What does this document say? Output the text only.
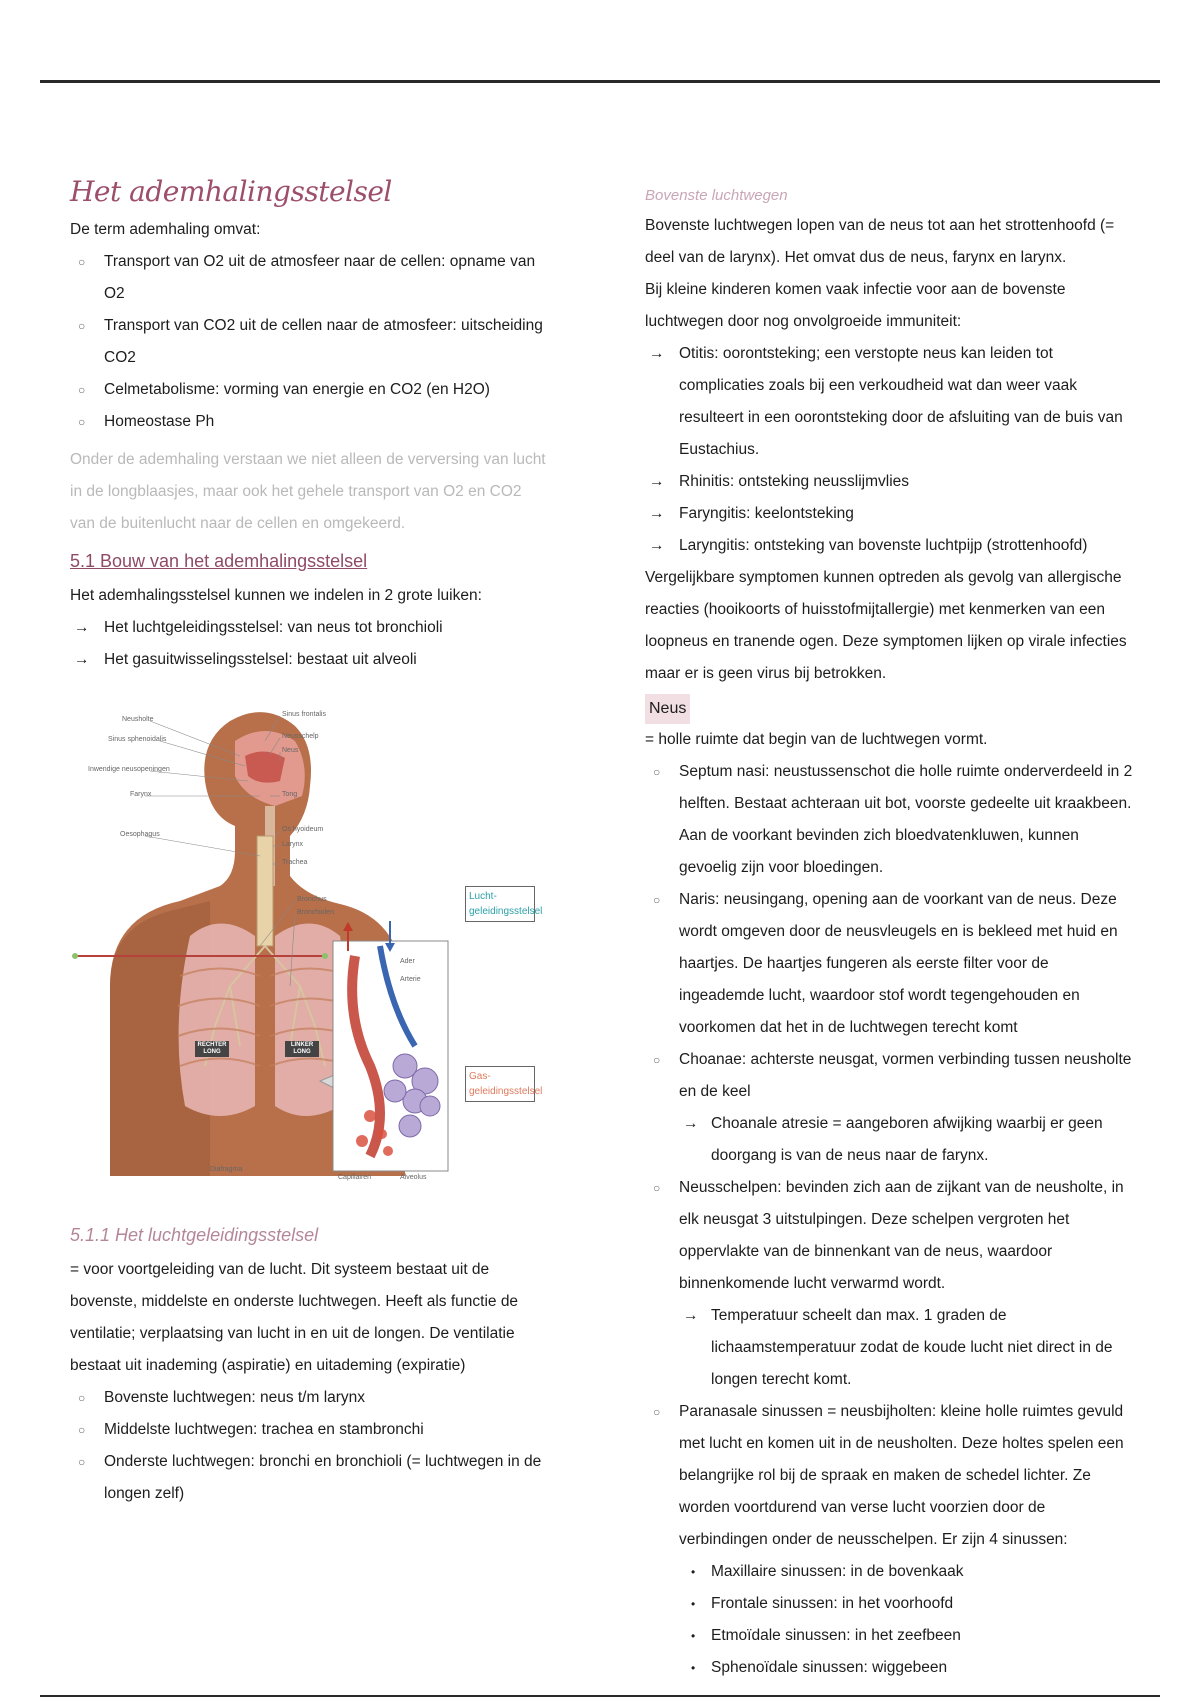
Het ademhalingsstelsel

De term ademhaling omvat:

○ Transport van O2 uit de atmosfeer naar de cellen: opname van O2
○ Transport van CO2 uit de cellen naar de atmosfeer: uitscheiding CO2
○ Celmetabolisme: vorming van energie en CO2 (en H2O)
○ Homeostase Ph

Onder de ademhaling verstaan we niet alleen de verversing van lucht in de longblaasjes, maar ook het gehele transport van O2 en CO2 van de buitenlucht naar de cellen en omgekeerd.

5.1 Bouw van het ademhalingsstelsel

Het ademhalingsstelsel kunnen we indelen in 2 grote luiken:

→ Het luchtgeleidingsstelsel: van neus tot bronchioli
→ Het gasuitwisselingsstelsel: bestaat uit alveoli
Neusholte
Sinus sphenoidalis
Inwendige neusopeningen
Farynx
Oesophagus
Sinus frontalis
Neusschelp
Neus
Tong
Os hyoideum
Larynx
Trachea
Bronchus
Bronchiolen
Diafragma
Ader
Arterie
Capillairen	Alveolus
RECHTER LONG
LINKER LONG
Lucht-geleidingsstelsel
Gas-geleidingsstelsel
5.1.1 Het luchtgeleidingsstelsel

= voor voortgeleiding van de lucht. Dit systeem bestaat uit de bovenste, middelste en onderste luchtwegen. Heeft als functie de ventilatie; verplaatsing van lucht in en uit de longen. De ventilatie bestaat uit inademing (aspiratie) en uitademing (expiratie)

○ Bovenste luchtwegen: neus t/m larynx
○ Middelste luchtwegen: trachea en stambronchi
○ Onderste luchtwegen: bronchi en bronchioli (= luchtwegen in de longen zelf)
Bovenste luchtwegen

Bovenste luchtwegen lopen van de neus tot aan het strottenhoofd (= deel van de larynx). Het omvat dus de neus, farynx en larynx.

Bij kleine kinderen komen vaak infectie voor aan de bovenste luchtwegen door nog onvolgroeide immuniteit:

→ Otitis: oorontsteking; een verstopte neus kan leiden tot complicaties zoals bij een verkoudheid wat dan weer vaak resulteert in een oorontsteking door de afsluiting van de buis van Eustachius.
→ Rhinitis: ontsteking neusslijmvlies
→ Faryngitis: keelontsteking
→ Laryngitis: ontsteking van bovenste luchtpijp (strottenhoofd)

Vergelijkbare symptomen kunnen optreden als gevolg van allergische reacties (hooikoorts of huisstofmijtallergie) met kenmerken van een loopneus en tranende ogen. Deze symptomen lijken op virale infecties maar er is geen virus bij betrokken.

Neus

= holle ruimte dat begin van de luchtwegen vormt.

○ Septum nasi: neustussenschot die holle ruimte onderverdeeld in 2 helften. Bestaat achteraan uit bot, voorste gedeelte uit kraakbeen. Aan de voorkant bevinden zich bloedvatenkluwen, kunnen gevoelig zijn voor bloedingen.
○ Naris: neusingang, opening aan de voorkant van de neus. Deze wordt omgeven door de neusvleugels en is bekleed met huid en haartjes. De haartjes fungeren als eerste filter voor de ingeademde lucht, waardoor stof wordt tegengehouden en voorkomen dat het in de luchtwegen terecht komt
○ Choanae: achterste neusgat, vormen verbinding tussen neusholte en de keel
→ Choanale atresie = aangeboren afwijking waarbij er geen doorgang is van de neus naar de farynx.
○ Neusschelpen: bevinden zich aan de zijkant van de neusholte, in elk neusgat 3 uitstulpingen. Deze schelpen vergroten het oppervlakte van de binnenkant van de neus, waardoor binnenkomende lucht verwarmd wordt.
→ Temperatuur scheelt dan max. 1 graden de lichaamstemperatuur zodat de koude lucht niet direct in de longen terecht komt.
○ Paranasale sinussen = neusbijholten: kleine holle ruimtes gevuld met lucht en komen uit in de neusholten. Deze holtes spelen een belangrijke rol bij de spraak en maken de schedel lichter. Ze worden voortdurend van verse lucht voorzien door de verbindingen onder de neusschelpen. Er zijn 4 sinussen:
• Maxillaire sinussen: in de bovenkaak
• Frontale sinussen: in het voorhoofd
• Etmoïdale sinussen: in het zeefbeen
• Sphenoïdale sinussen: wiggebeen
